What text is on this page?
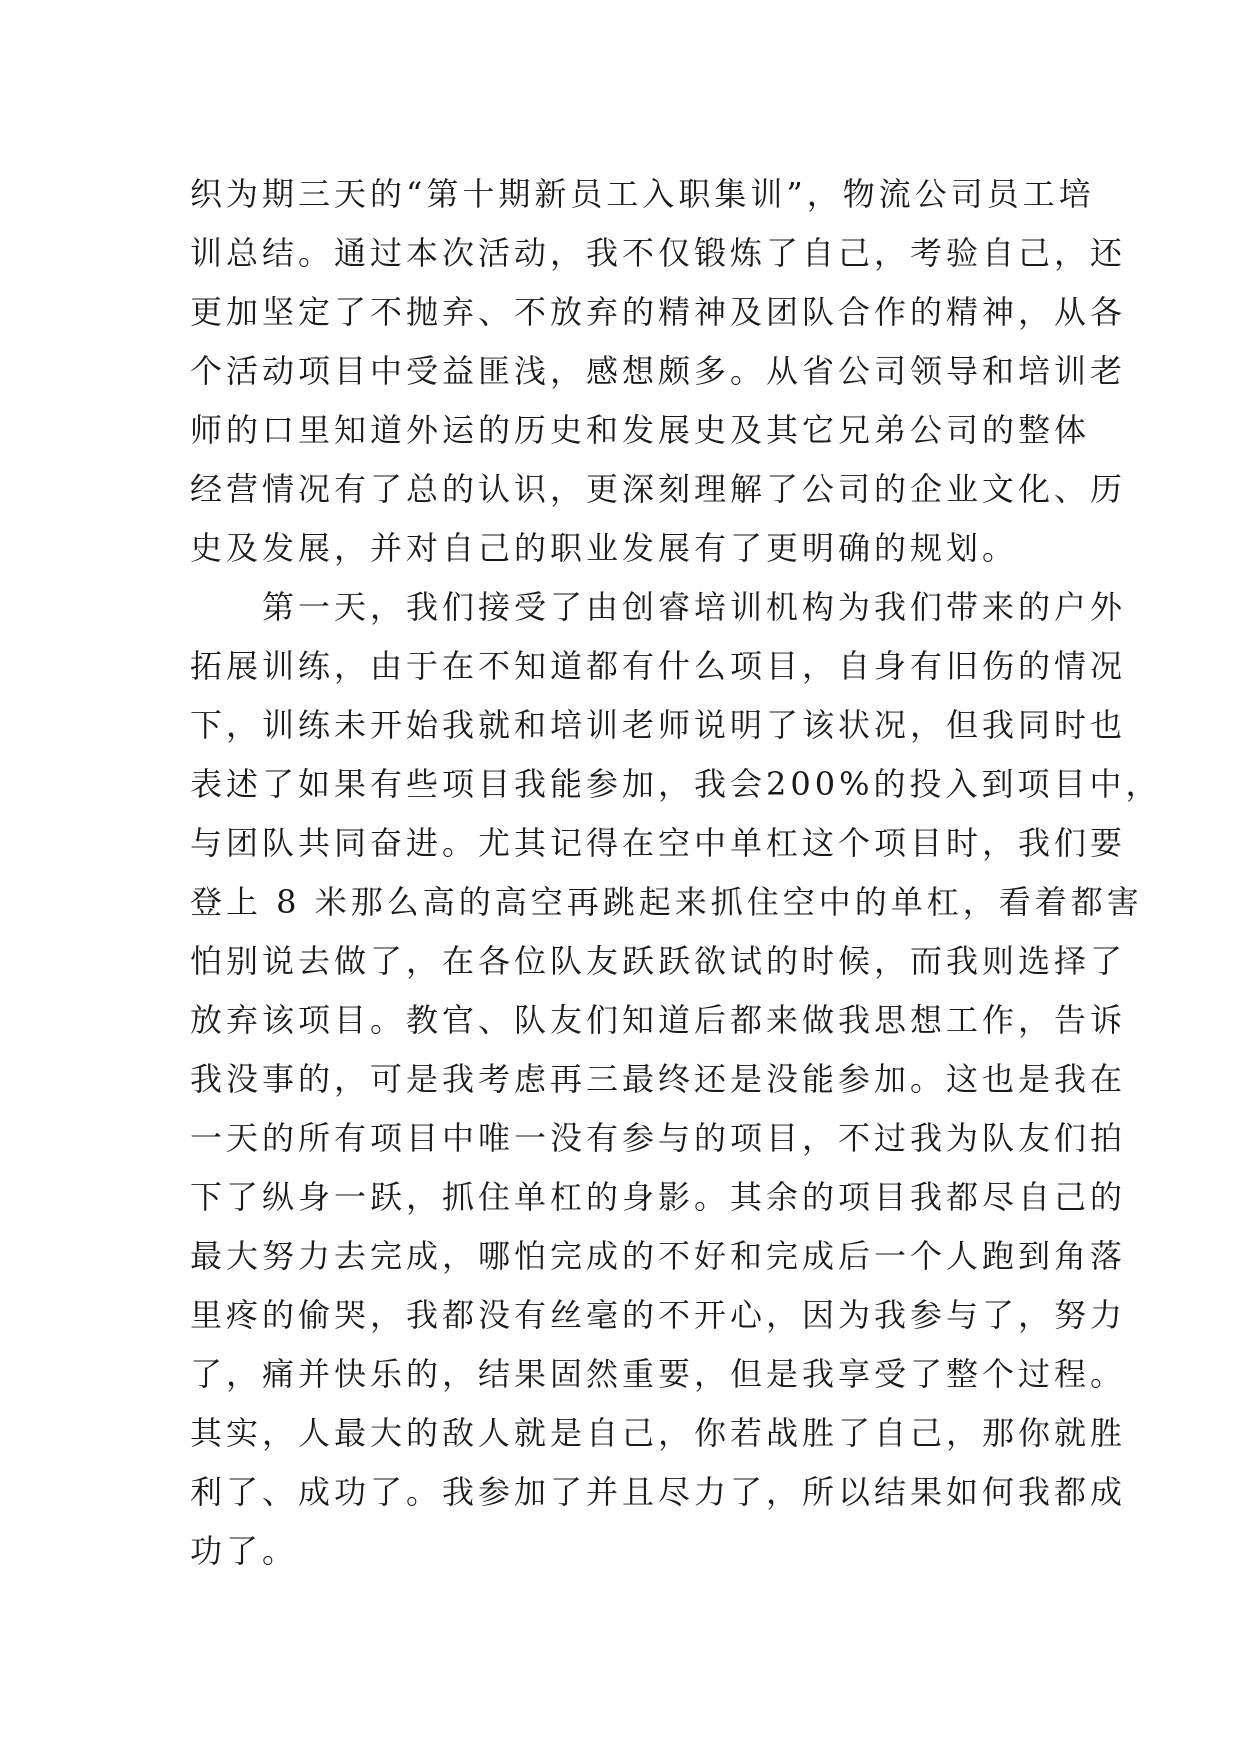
织为期三天的“第十期新员工入职集训”，物流公司员工培
训总结。通过本次活动，我不仅锻炼了自己，考验自己，还
更加坚定了不抛弃、不放弃的精神及团队合作的精神，从各
个活动项目中受益匪浅，感想颇多。从省公司领导和培训老
师的口里知道外运的历史和发展史及其它兄弟公司的整体
经营情况有了总的认识，更深刻理解了公司的企业文化、历
史及发展，并对自己的职业发展有了更明确的规划。
第一天，我们接受了由创睿培训机构为我们带来的户外
拓展训练，由于在不知道都有什么项目，自身有旧伤的情况
下，训练未开始我就和培训老师说明了该状况，但我同时也
表述了如果有些项目我能参加，我会200%的投入到项目中，
与团队共同奋进。尤其记得在空中单杠这个项目时，我们要
登上 8 米那么高的高空再跳起来抓住空中的单杠，看着都害
怕别说去做了，在各位队友跃跃欲试的时候，而我则选择了
放弃该项目。教官、队友们知道后都来做我思想工作，告诉
我没事的，可是我考虑再三最终还是没能参加。这也是我在
一天的所有项目中唯一没有参与的项目，不过我为队友们拍
下了纵身一跃，抓住单杠的身影。其余的项目我都尽自己的
最大努力去完成，哪怕完成的不好和完成后一个人跑到角落
里疼的偷哭，我都没有丝毫的不开心，因为我参与了，努力
了，痛并快乐的，结果固然重要，但是我享受了整个过程。
其实，人最大的敌人就是自己，你若战胜了自己，那你就胜
利了、成功了。我参加了并且尽力了，所以结果如何我都成
功了。
